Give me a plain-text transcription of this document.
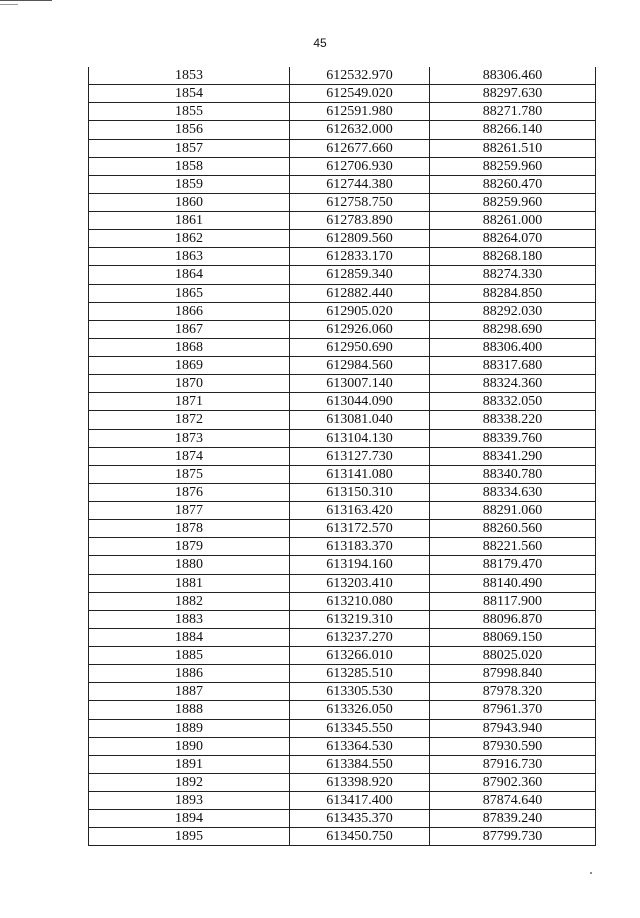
45
1853	612532.970	88306.460
1854	612549.020	88297.630
1855	612591.980	88271.780
1856	612632.000	88266.140
1857	612677.660	88261.510
1858	612706.930	88259.960
1859	612744.380	88260.470
1860	612758.750	88259.960
1861	612783.890	88261.000
1862	612809.560	88264.070
1863	612833.170	88268.180
1864	612859.340	88274.330
1865	612882.440	88284.850
1866	612905.020	88292.030
1867	612926.060	88298.690
1868	612950.690	88306.400
1869	612984.560	88317.680
1870	613007.140	88324.360
1871	613044.090	88332.050
1872	613081.040	88338.220
1873	613104.130	88339.760
1874	613127.730	88341.290
1875	613141.080	88340.780
1876	613150.310	88334.630
1877	613163.420	88291.060
1878	613172.570	88260.560
1879	613183.370	88221.560
1880	613194.160	88179.470
1881	613203.410	88140.490
1882	613210.080	88117.900
1883	613219.310	88096.870
1884	613237.270	88069.150
1885	613266.010	88025.020
1886	613285.510	87998.840
1887	613305.530	87978.320
1888	613326.050	87961.370
1889	613345.550	87943.940
1890	613364.530	87930.590
1891	613384.550	87916.730
1892	613398.920	87902.360
1893	613417.400	87874.640
1894	613435.370	87839.240
1895	613450.750	87799.730
